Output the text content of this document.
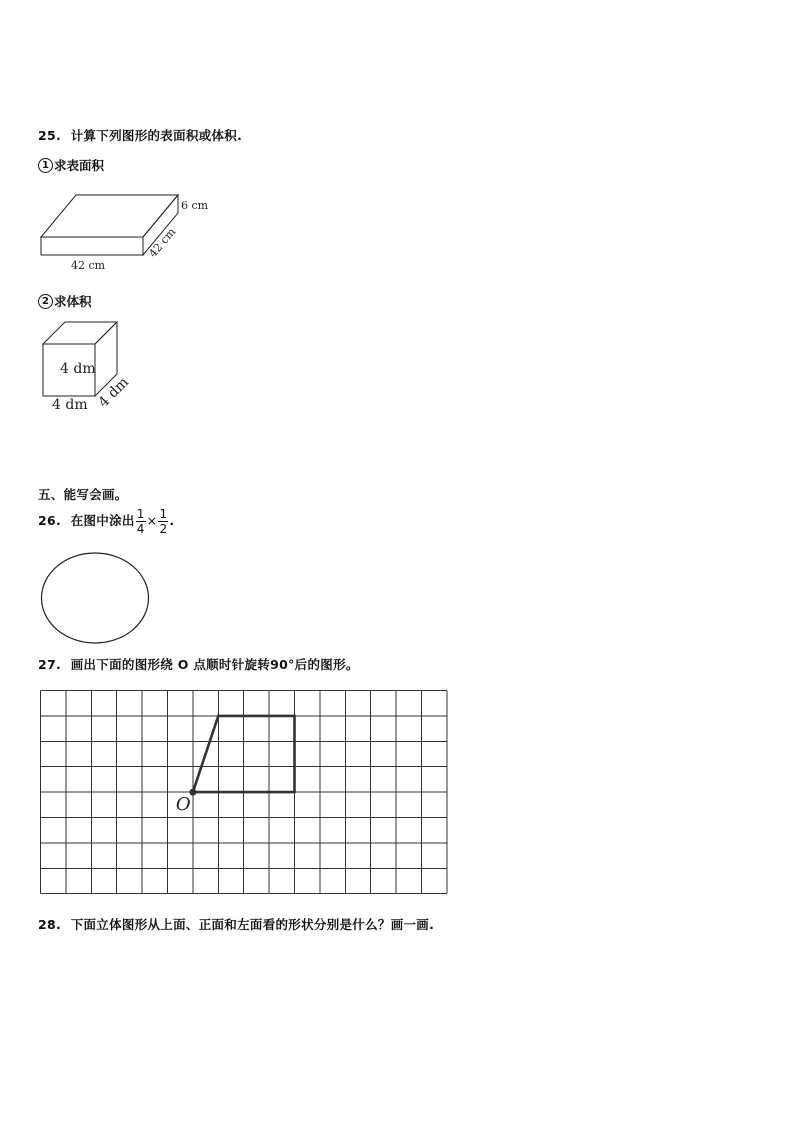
25. 计算下列图形的表面积或体积.
1 求表面积
6 cm
42 cm
42 cm
2 求体积
4 dm
4 dm 4 dm
五、能写会画。
26. 在图中涂出 $\frac{1}{4} \times \frac{1}{2}$ .
27. 画出下面的图形绕 O 点顺时针旋转90°后的图形。
O
28. 下面立体图形从上面、正面和左面看的形状分别是什么？画一画.
